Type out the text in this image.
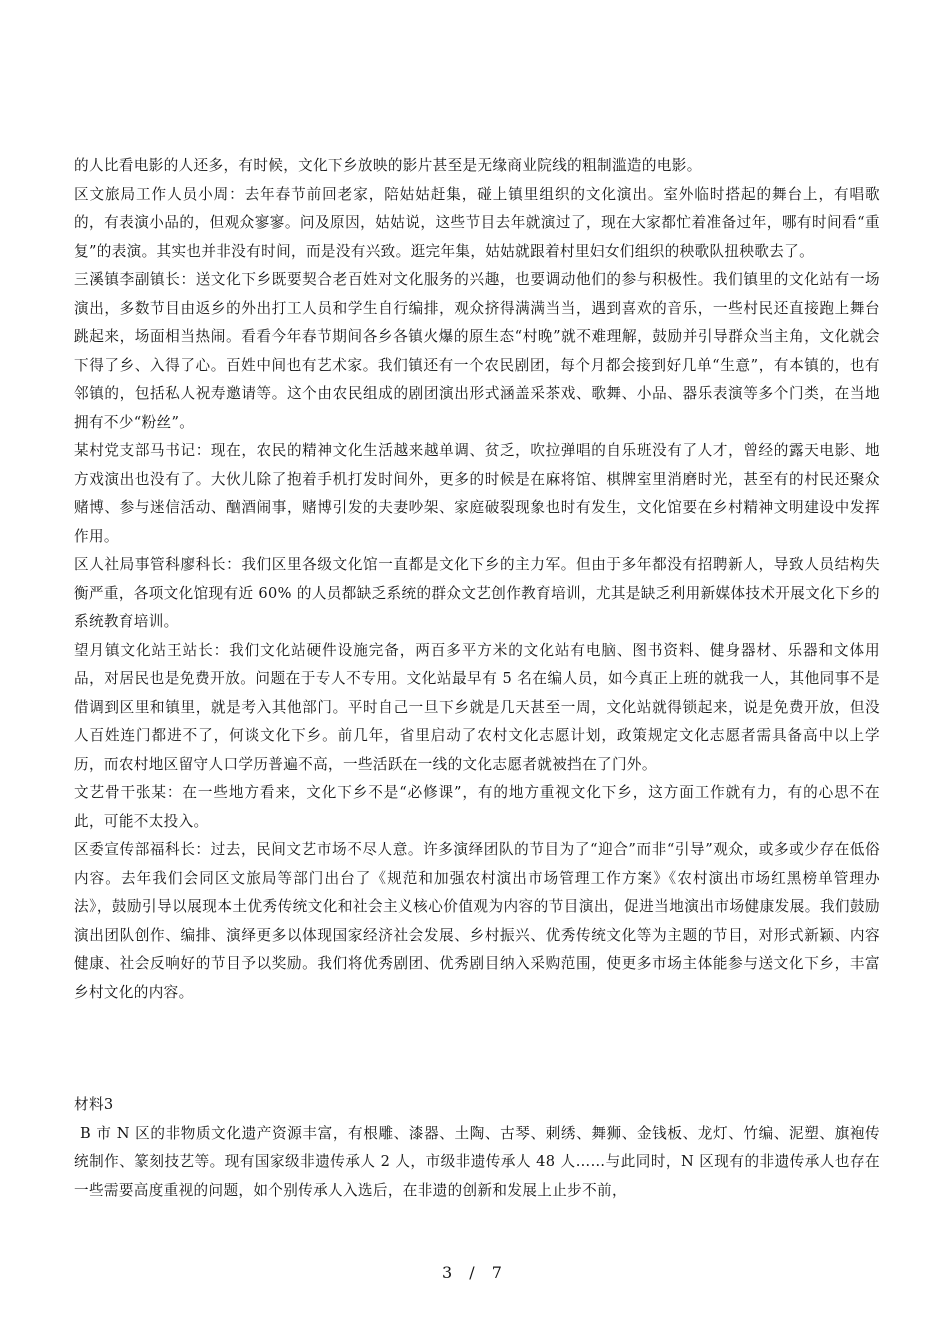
的人比看电影的人还多，有时候，文化下乡放映的影片甚至是无缘商业院线的粗制滥造的电影。

区文旅局工作人员小周：去年春节前回老家，陪姑姑赶集，碰上镇里组织的文化演出。室外临时搭起的舞台上，有唱歌的，有表演小品的，但观众寥寥。问及原因，姑姑说，这些节目去年就演过了，现在大家都忙着准备过年，哪有时间看“重复”的表演。其实也并非没有时间，而是没有兴致。逛完年集，姑姑就跟着村里妇女们组织的秧歌队扭秧歌去了。

三溪镇李副镇长：送文化下乡既要契合老百姓对文化服务的兴趣，也要调动他们的参与积极性。我们镇里的文化站有一场演出，多数节目由返乡的外出打工人员和学生自行编排，观众挤得满满当当，遇到喜欢的音乐，一些村民还直接跑上舞台跳起来，场面相当热闹。看看今年春节期间各乡各镇火爆的原生态“村晚”就不难理解，鼓励并引导群众当主角，文化就会下得了乡、入得了心。百姓中间也有艺术家。我们镇还有一个农民剧团，每个月都会接到好几单“生意”，有本镇的，也有邻镇的，包括私人祝寿邀请等。这个由农民组成的剧团演出形式涵盖采茶戏、歌舞、小品、器乐表演等多个门类，在当地拥有不少“粉丝”。

某村党支部马书记：现在，农民的精神文化生活越来越单调、贫乏，吹拉弹唱的自乐班没有了人才，曾经的露天电影、地方戏演出也没有了。大伙儿除了抱着手机打发时间外，更多的时候是在麻将馆、棋牌室里消磨时光，甚至有的村民还聚众赌博、参与迷信活动、酗酒闹事，赌博引发的夫妻吵架、家庭破裂现象也时有发生，文化馆要在乡村精神文明建设中发挥作用。

区人社局事管科廖科长：我们区里各级文化馆一直都是文化下乡的主力军。但由于多年都没有招聘新人，导致人员结构失衡严重，各项文化馆现有近 60% 的人员都缺乏系统的群众文艺创作教育培训，尤其是缺乏利用新媒体技术开展文化下乡的系统教育培训。

望月镇文化站王站长：我们文化站硬件设施完备，两百多平方米的文化站有电脑、图书资料、健身器材、乐器和文体用品，对居民也是免费开放。问题在于专人不专用。文化站最早有 5 名在编人员，如今真正上班的就我一人，其他同事不是借调到区里和镇里，就是考入其他部门。平时自己一旦下乡就是几天甚至一周，文化站就得锁起来，说是免费开放，但没人百姓连门都进不了，何谈文化下乡。前几年，省里启动了农村文化志愿计划，政策规定文化志愿者需具备高中以上学历，而农村地区留守人口学历普遍不高，一些活跃在一线的文化志愿者就被挡在了门外。

文艺骨干张某：在一些地方看来，文化下乡不是“必修课”，有的地方重视文化下乡，这方面工作就有力，有的心思不在此，可能不太投入。

区委宣传部福科长：过去，民间文艺市场不尽人意。许多演绎团队的节目为了“迎合”而非“引导”观众，或多或少存在低俗内容。去年我们会同区文旅局等部门出台了《规范和加强农村演出市场管理工作方案》《农村演出市场红黑榜单管理办法》，鼓励引导以展现本土优秀传统文化和社会主义核心价值观为内容的节目演出，促进当地演出市场健康发展。我们鼓励演出团队创作、编排、演绎更多以体现国家经济社会发展、乡村振兴、优秀传统文化等为主题的节目，对形式新颖、内容健康、社会反响好的节目予以奖励。我们将优秀剧团、优秀剧目纳入采购范围，使更多市场主体能参与送文化下乡，丰富乡村文化的内容。

材料3

B 市 N 区的非物质文化遗产资源丰富，有根雕、漆器、土陶、古琴、刺绣、舞狮、金钱板、龙灯、竹编、泥塑、旗袍传统制作、篆刻技艺等。现有国家级非遗传承人 2 人，市级非遗传承人 48 人……与此同时，N 区现有的非遗传承人也存在一些需要高度重视的问题，如个别传承人入选后，在非遗的创新和发展上止步不前，

3 / 7
